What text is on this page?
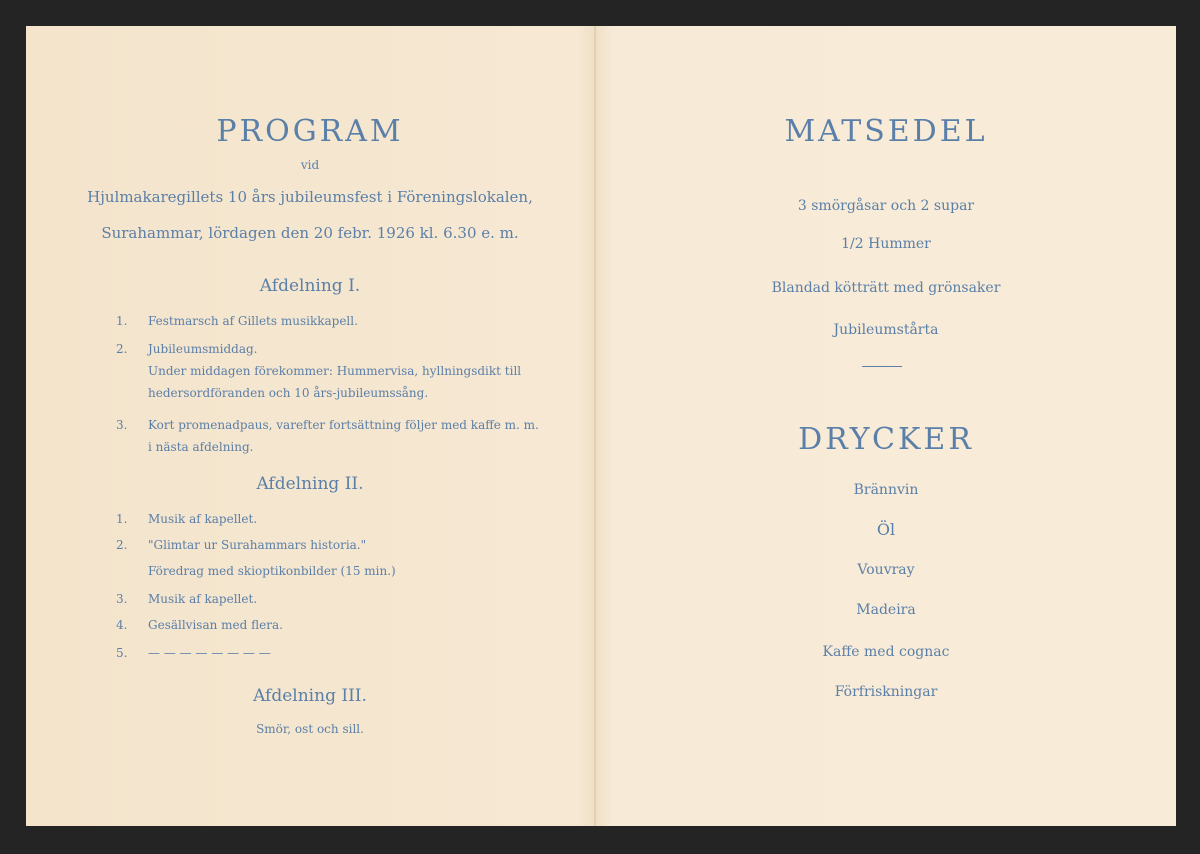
PROGRAM
vid
Hjulmakaregillets 10 års jubileumsfest i Föreningslokalen,
Surahammar, lördagen den 20 febr. 1926 kl. 6.30 e. m.
Afdelning I.
1.	Festmarsch af Gillets musikkapell.
2.	Jubileumsmiddag.
Under middagen förekommer: Hummervisa, hyllningsdikt till
hedersordföranden och 10 års-jubileumssång.
3.	Kort promenadpaus, varefter fortsättning följer med kaffe m. m.
i nästa afdelning.
Afdelning II.
1.	Musik af kapellet.
2.	"Glimtar ur Surahammars historia."
Föredrag med skioptikonbilder (15 min.)
3.	Musik af kapellet.
4.	Gesällvisan med flera.
5.	— — — — — — — —
Afdelning III.
Smör, ost och sill.
MATSEDEL
3 smörgåsar och 2 supar
1/2 Hummer
Blandad kötträtt med grönsaker
Jubileumstårta
DRYCKER
Brännvin
Öl
Vouvray
Madeira
Kaffe med cognac
Förfriskningar
